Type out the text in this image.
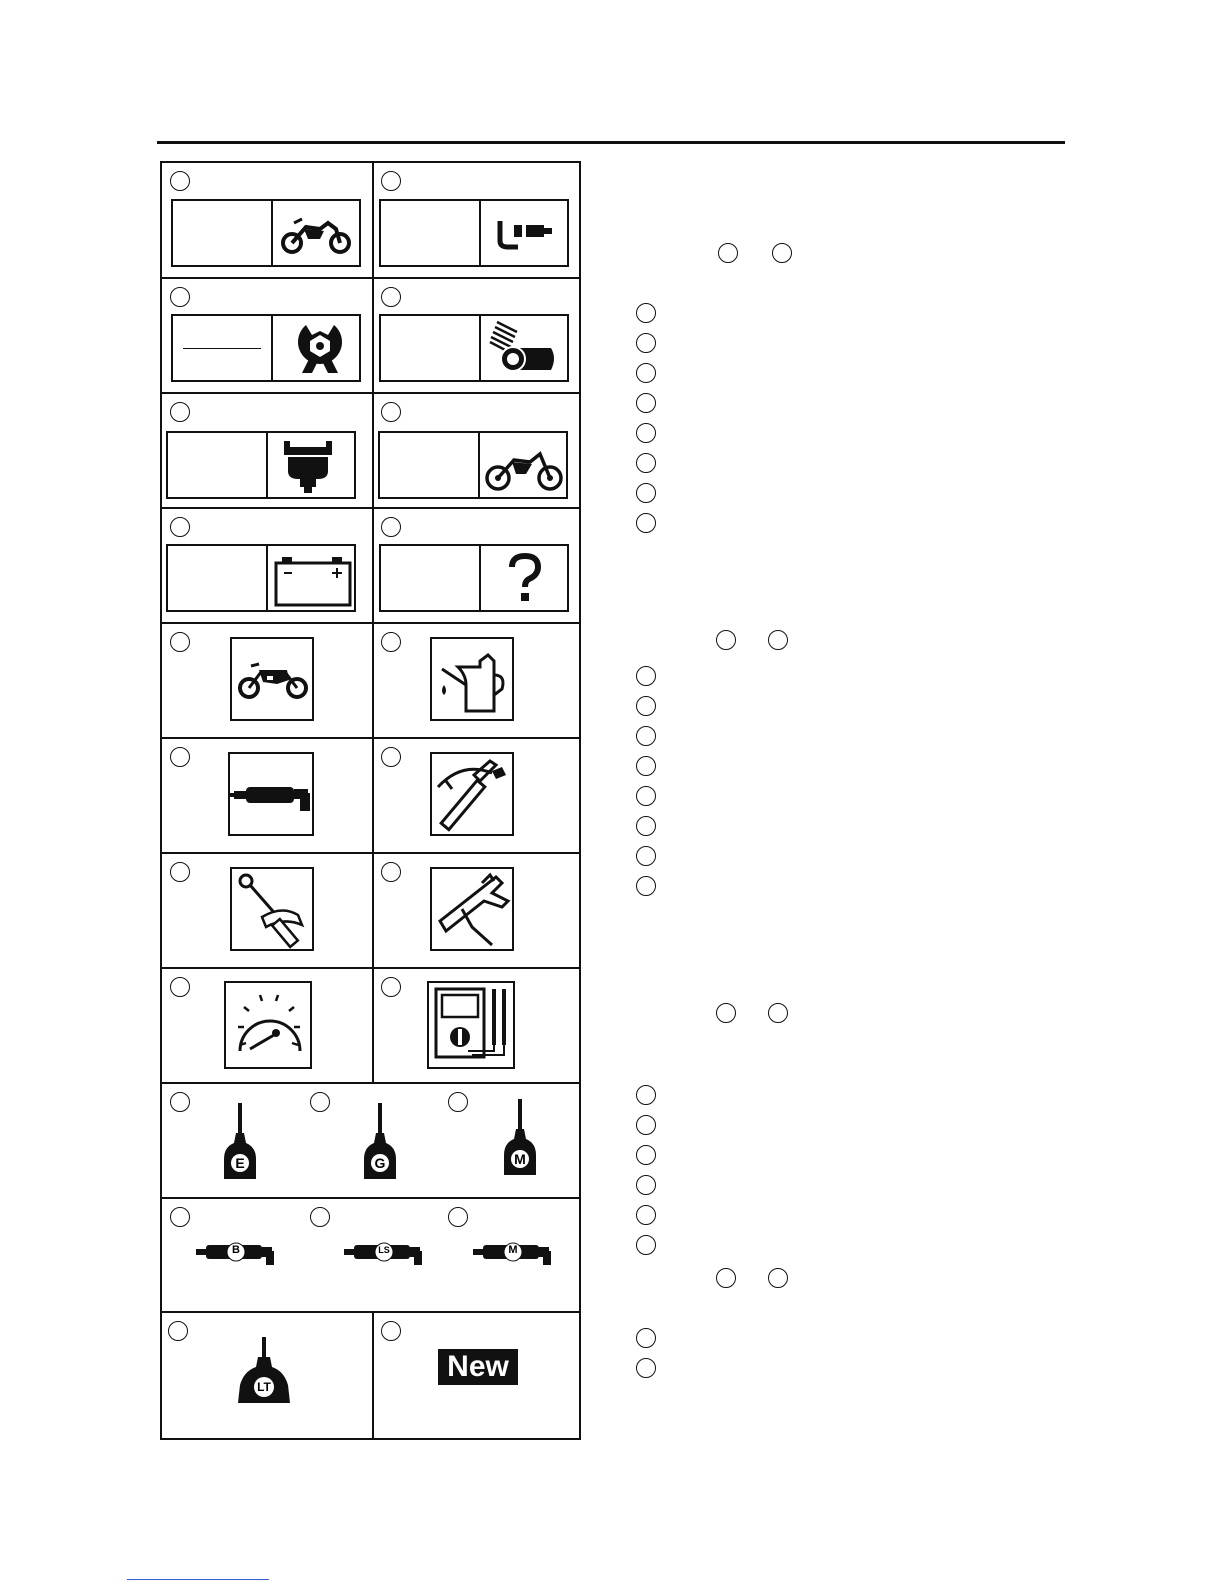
E	G	M
B	LS	M
LT
New
